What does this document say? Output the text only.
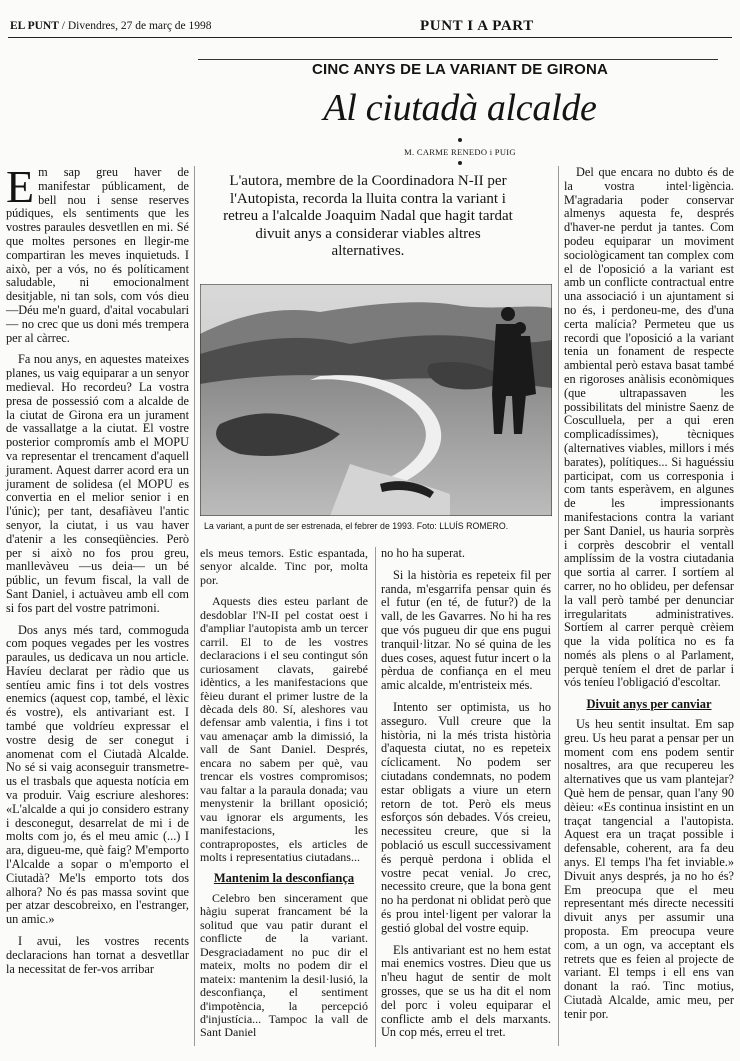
EL PUNT / Divendres, 27 de març de 1998	PUNT I A PART
CINC ANYS DE LA VARIANT DE GIRONA
Al ciutadà alcalde
M. CARME RENEDO i PUIG
L'autora, membre de la Coordinadora N-II per l'Autopista, recorda la lluita contra la variant i retreu a l'alcalde Joaquim Nadal que hagit tardat divuit anys a considerar viables altres alternatives.
La variant, a punt de ser estrenada, el febrer de 1993. Foto: LLUÍS ROMERO.

Em sap greu haver de manifestar públicament, de bell nou i sense reserves púdiques, els sentiments que les vostres paraules desvetllen en mi. Sé que moltes persones en llegir-me compartiran les meves inquietuds. I això, per a vós, no és políticament saludable, ni emocionalment desitjable, ni tan sols, com vós dieu —Déu me'n guard, d'aital vocabulari— no crec que us doni més trempera per al càrrec.

Fa nou anys, en aquestes mateixes planes, us vaig equiparar a un senyor medieval. Ho recordeu? La vostra presa de possessió com a alcalde de la ciutat de Girona era un jurament de vassallatge a la ciutat. El vostre posterior compromís amb el MOPU va representar el trencament d'aquell jurament. Aquest darrer acord era un jurament de solidesa (el MOPU es convertia en el melior senior i en l'únic); per tant, desafiàveu l'antic senyor, la ciutat, i us vau haver d'atenir a les conseqüències. Però per si això no fos prou greu, manllevàveu —us deia— un bé públic, un fevum fiscal, la vall de Sant Daniel, i actuàveu amb ell com si fos part del vostre patrimoni.

Dos anys més tard, commoguda com poques vegades per les vostres paraules, us dedicava un nou article. Havíeu declarat per ràdio que us sentíeu amic fins i tot dels vostres enemics (aquest cop, també, el lèxic és vostre), els antivariant est. I també que voldríeu expressar el vostre desig de ser conegut i anomenat com el Ciutadà Alcalde. No sé si vaig aconseguir transmetre-us el trasbals que aquesta notícia em va produir. Vaig escriure aleshores: «L'alcalde a qui jo considero estrany i desconegut, desarrelat de mi i de molts com jo, és el meu amic (...) I ara, digueu-me, què faig? M'emporto l'Alcalde a sopar o m'emporto el Ciutadà? Me'ls emporto tots dos alhora? No és pas massa sovint que per atzar descobreixo, en l'estranger, un amic.»

I avui, les vostres recents declaracions han tornat a desvetllar la necessitat de fer-vos arribar

els meus temors. Estic espantada, senyor alcalde. Tinc por, molta por.

Aquests dies esteu parlant de desdoblar l'N-II pel costat oest i d'ampliar l'autopista amb un tercer carril. El to de les vostres declaracions i el seu contingut són curiosament clavats, gairebé idèntics, a les manifestacions que fèieu durant el primer lustre de la dècada dels 80. Sí, aleshores vau defensar amb valentia, i fins i tot vau amenaçar amb la dimissió, la vall de Sant Daniel. Després, encara no sabem per què, vau trencar els vostres compromisos; vau faltar a la paraula donada; vau menystenir la brillant oposició; vau ignorar els arguments, les manifestacions, les contrapropostes, els articles de molts i representatius ciutadans...

Mantenim la desconfiança

Celebro ben sincerament que hàgiu superat francament bé la solitud que vau patir durant el conflicte de la variant. Desgraciadament no puc dir el mateix, molts no podem dir el mateix: mantenim la desil·lusió, la desconfiança, el sentiment d'impotència, la percepció d'injustícia... Tampoc la vall de Sant Daniel

no ho ha superat.

Si la història es repeteix fil per randa, m'esgarrifa pensar quin és el futur (en té, de futur?) de la vall, de les Gavarres. No hi ha res que vós pugueu dir que ens pugui tranquil·litzar. No sé quina de les dues coses, aquest futur incert o la pèrdua de confiança en el meu amic alcalde, m'entristeix més.

Intento ser optimista, us ho asseguro. Vull creure que la història, ni la més trista història d'aquesta ciutat, no es repeteix cíclicament. No podem ser ciutadans condemnats, no podem estar obligats a viure un etern retorn de tot. Però els meus esforços són debades. Vós creieu, necessiteu creure, que si la població us escull successivament és perquè perdona i oblida el vostre pecat venial. Jo crec, necessito creure, que la bona gent no ha perdonat ni oblidat però que és prou intel·ligent per valorar la gestió global del vostre equip.

Els antivariant est no hem estat mai enemics vostres. Dieu que us n'heu hagut de sentir de molt grosses, que se us ha dit el nom del porc i voleu equiparar el conflicte amb el dels marxants. Un cop més, erreu el tret.

Del que encara no dubto és de la vostra intel·ligència. M'agradaria poder conservar almenys aquesta fe, després d'haver-ne perdut ja tantes. Com podeu equiparar un moviment sociològicament tan complex com el de l'oposició a la variant est amb un conflicte contractual entre una associació i un ajuntament si no és, i perdoneu-me, des d'una certa malícia? Permeteu que us recordi que l'oposició a la variant tenia un fonament de respecte ambiental però estava basat també en rigoroses anàlisis econòmiques (que ultrapassaven les possibilitats del ministre Saenz de Cosculluela, per a qui eren complicadíssimes), tècniques (alternatives viables, millors i més barates), polítiques... Si haguéssiu participat, com us corresponia i com tants esperàvem, en algunes de les impressionants manifestacions contra la variant per Sant Daniel, us hauria sorprès i corprès descobrir el ventall amplíssim de la vostra ciutadania que sortia al carrer. I sortíem al carrer, no ho oblideu, per defensar la vall però també per denunciar irregularitats administratives. Sortíem al carrer perquè crèiem que la vida política no es fa només als plens o al Parlament, perquè teníem el dret de parlar i vós teníeu l'obligació d'escoltar.

Divuit anys per canviar

Us heu sentit insultat. Em sap greu. Us heu parat a pensar per un moment com ens podem sentir nosaltres, ara que recupereu les alternatives que us vam plantejar? Què hem de pensar, quan l'any 90 dèieu: «Es continua insistint en un traçat tangencial a l'autopista. Aquest era un traçat possible i defensable, coherent, ara fa deu anys. El temps l'ha fet inviable.» Divuit anys després, ja no ho és? Em preocupa que el meu representant més directe necessiti divuit anys per assumir una proposta. Em preocupa veure com, a un ogn, va acceptant els retrets que es feien al projecte de variant. El temps i ell ens van donant la raó. Tinc motius, Ciutadà Alcalde, amic meu, per tenir por.
